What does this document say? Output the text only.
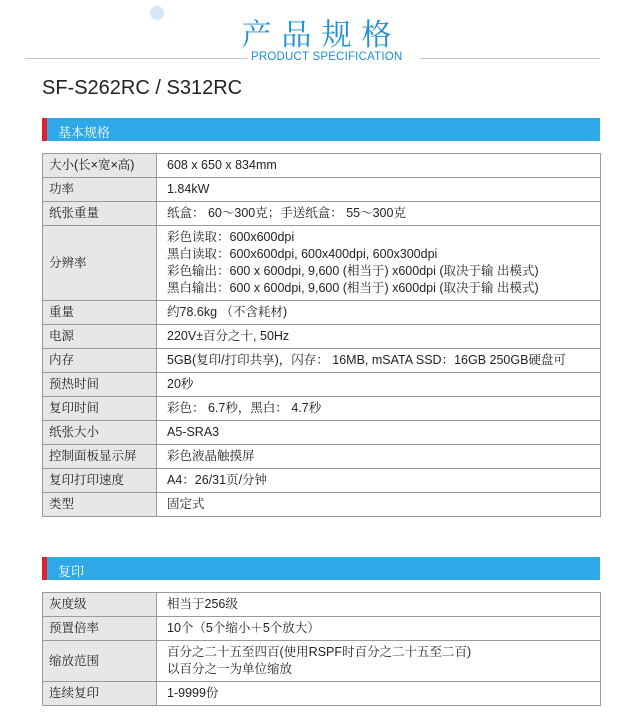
产品规格
PRODUCT SPECIFICATION
SF-S262RC / S312RC
基本规格
大小(长×宽×高)	608 x 650 x 834mm

功率	1.84kW

纸张重量	纸盒： 60～300克；手送纸盒： 55～300克

分辨率	彩色读取：600x600dpi
黑白读取：600x600dpi, 600x400dpi, 600x300dpi
彩色输出：600 x 600dpi, 9,600 (相当于) x600dpi (取决于输 出模式)
黑白输出：600 x 600dpi, 9,600 (相当于) x600dpi (取决于输 出模式)

重量	约78.6kg （不含耗材)

电源	220V±百分之十, 50Hz

内存	5GB(复印/打印共享)，闪存： 16MB, mSATA SSD：16GB 250GB硬盘可

预热时间	20秒

复印时间	彩色： 6.7秒，黑白： 4.7秒

纸张大小	A5-SRA3

控制面板显示屏	彩色液晶触摸屏

复印打印速度	A4：26/31页/分钟

类型	固定式
复印
灰度级	相当于256级

预置倍率	10个（5个缩小＋5个放大）

缩放范围	百分之二十五至四百(使用RSPF时百分之二十五至二百)
以百分之一为单位缩放

连续复印	1-9999份
